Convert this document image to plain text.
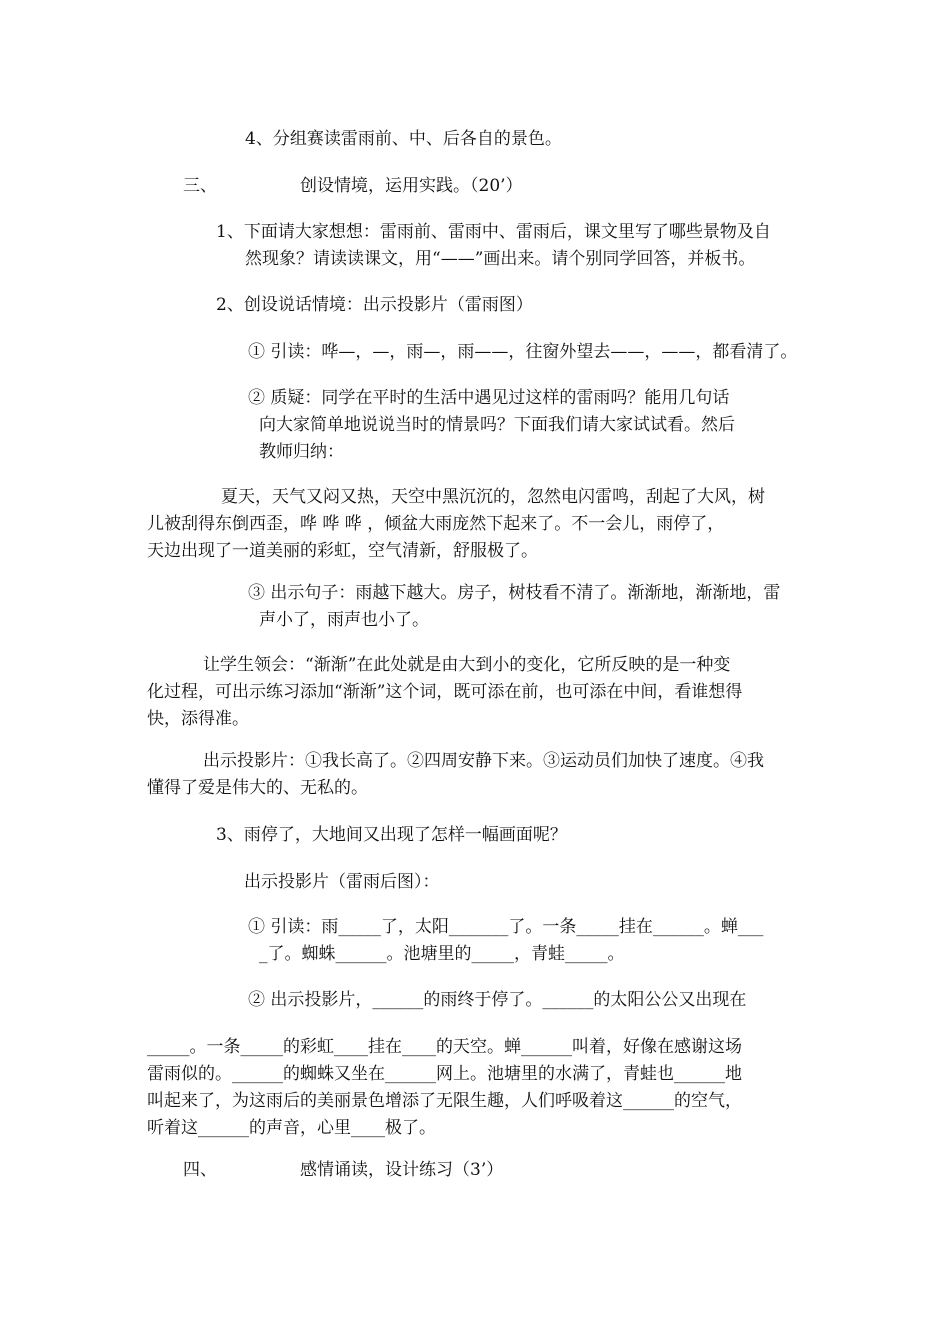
4、分组赛读雷雨前、中、后各自的景色。
三、	创设情境，运用实践。（20’）
1、下面请大家想想：雷雨前、雷雨中、雷雨后，课文里写了哪些景物及自
然现象？请读读课文，用“——”画出来。请个别同学回答，并板书。
2、创设说话情境：出示投影片（雷雨图）
① 引读：哗—，—，雨—，雨——，往窗外望去——，——，都看清了。
② 质疑：同学在平时的生活中遇见过这样的雷雨吗？能用几句话
向大家简单地说说当时的情景吗？下面我们请大家试试看。然后
教师归纳：
夏天，天气又闷又热，天空中黑沉沉的，忽然电闪雷鸣，刮起了大风，树
儿被刮得东倒西歪，哗 哗 哗 ，倾盆大雨庞然下起来了。不一会儿，雨停了，
天边出现了一道美丽的彩虹，空气清新，舒服极了。
③ 出示句子：雨越下越大。房子，树枝看不清了。渐渐地，渐渐地，雷
声小了，雨声也小了。
让学生领会：“渐渐”在此处就是由大到小的变化，它所反映的是一种变
化过程，可出示练习添加“渐渐”这个词，既可添在前，也可添在中间，看谁想得
快，添得准。
出示投影片：①我长高了。②四周安静下来。③运动员们加快了速度。④我
懂得了爱是伟大的、无私的。
3、雨停了，大地间又出现了怎样一幅画面呢？
出示投影片（雷雨后图）：
① 引读：雨_____了，太阳_______了。一条_____挂在______。蝉___
_了。蜘蛛______。池塘里的_____，青蛙_____。
② 出示投影片，______的雨终于停了。______的太阳公公又出现在
_____。一条_____的彩虹____挂在____的天空。蝉______叫着，好像在感谢这场
雷雨似的。______的蜘蛛又坐在______网上。池塘里的水满了，青蛙也______地
叫起来了，为这雨后的美丽景色增添了无限生趣，人们呼吸着这______的空气，
听着这______的声音，心里____极了。
四、	感情诵读，设计练习（3’）
